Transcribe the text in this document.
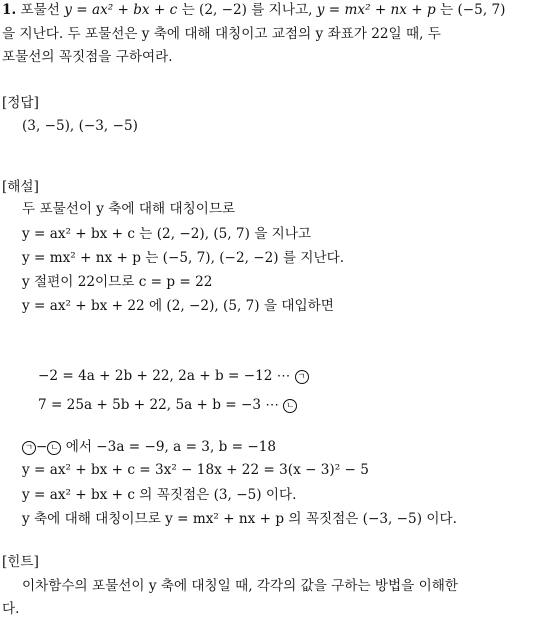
1. 포물선 y = ax² + bx + c 는 (2, −2) 를 지나고, y = mx² + nx + p 는 (−5, 7)
을 지난다. 두 포물선은 y 축에 대해 대칭이고 교점의 y 좌표가 22일 때, 두
포물선의 꼭짓점을 구하여라.
[정답]
(3, −5), (−3, −5)
[해설]
두 포물선이 y 축에 대해 대칭이므로
y = ax² + bx + c 는 (2, −2), (5, 7) 을 지나고
y = mx² + nx + p 는 (−5, 7), (−2, −2) 를 지난다.
y 절편이 22이므로 c = p = 22
y = ax² + bx + 22 에 (2, −2), (5, 7) 을 대입하면
−2 = 4a + 2b + 22, 2a + b = −12 ⋯ ㄱ
7 = 25a + 5b + 22, 5a + b = −3 ⋯ ㄴ
ㄱ − ㄴ 에서 −3a = −9, a = 3, b = −18
y = ax² + bx + c = 3x² − 18x + 22 = 3(x − 3)² − 5
y = ax² + bx + c 의 꼭짓점은 (3, −5) 이다.
y 축에 대해 대칭이므로 y = mx² + nx + p 의 꼭짓점은 (−3, −5) 이다.
[힌트]
이차함수의 포물선이 y 축에 대칭일 때, 각각의 값을 구하는 방법을 이해한
다.
